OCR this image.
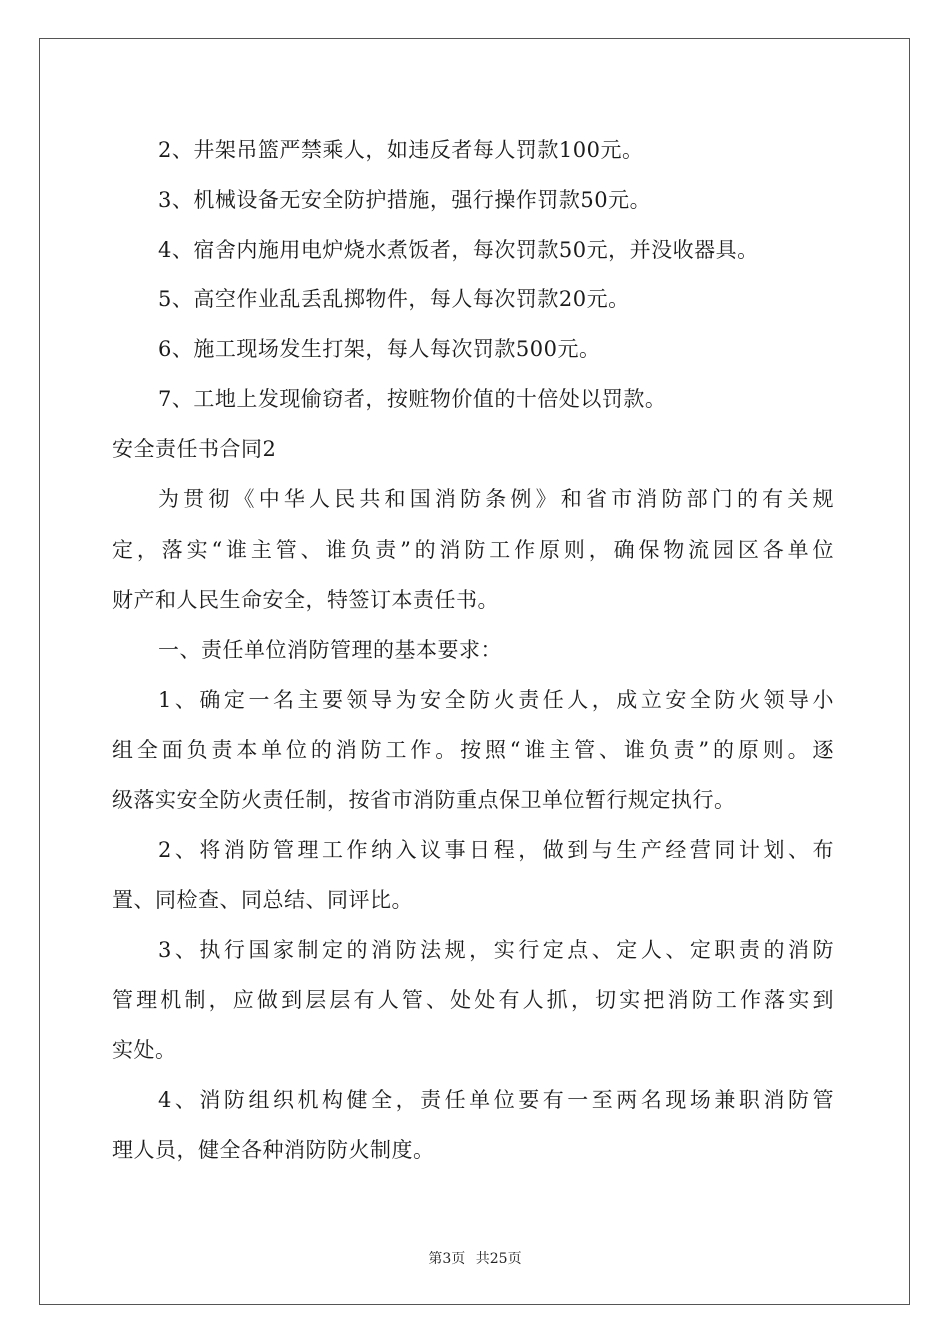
2、井架吊篮严禁乘人，如违反者每人罚款100元。
3、机械设备无安全防护措施，强行操作罚款50元。
4、宿舍内施用电炉烧水煮饭者，每次罚款50元，并没收器具。
5、高空作业乱丢乱掷物件，每人每次罚款20元。
6、施工现场发生打架，每人每次罚款500元。
7、工地上发现偷窃者，按赃物价值的十倍处以罚款。
安全责任书合同2
为贯彻《中华人民共和国消防条例》和省市消防部门的有关规
定，落实“谁主管、谁负责”的消防工作原则，确保物流园区各单位
财产和人民生命安全，特签订本责任书。
一、责任单位消防管理的基本要求：
1、确定一名主要领导为安全防火责任人，成立安全防火领导小
组全面负责本单位的消防工作。按照“谁主管、谁负责”的原则。逐
级落实安全防火责任制，按省市消防重点保卫单位暂行规定执行。
2、将消防管理工作纳入议事日程，做到与生产经营同计划、布
置、同检查、同总结、同评比。
3、执行国家制定的消防法规，实行定点、定人、定职责的消防
管理机制，应做到层层有人管、处处有人抓，切实把消防工作落实到
实处。
4、消防组织机构健全，责任单位要有一至两名现场兼职消防管
理人员，健全各种消防防火制度。
第3页 共25页
